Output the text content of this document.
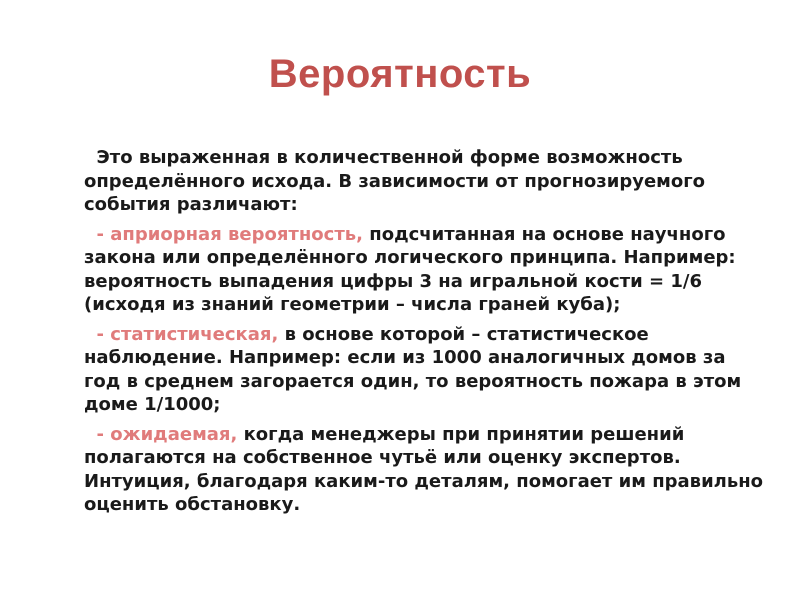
Вероятность

Это выраженная в количественной форме возможность определённого исхода. В зависимости от прогнозируемого события различают:

- априорная вероятность, подсчитанная на основе научного закона или определённого логического принципа. Например: вероятность выпадения цифры 3 на игральной кости = 1/6 (исходя из знаний геометрии – числа граней куба);

- статистическая, в основе которой – статистическое наблюдение. Например: если из 1000 аналогичных домов за год в среднем загорается один, то вероятность пожара в этом доме 1/1000;

- ожидаемая, когда менеджеры при принятии решений полагаются на собственное чутьё или оценку экспертов. Интуиция, благодаря каким-то деталям, помогает им правильно оценить обстановку.
